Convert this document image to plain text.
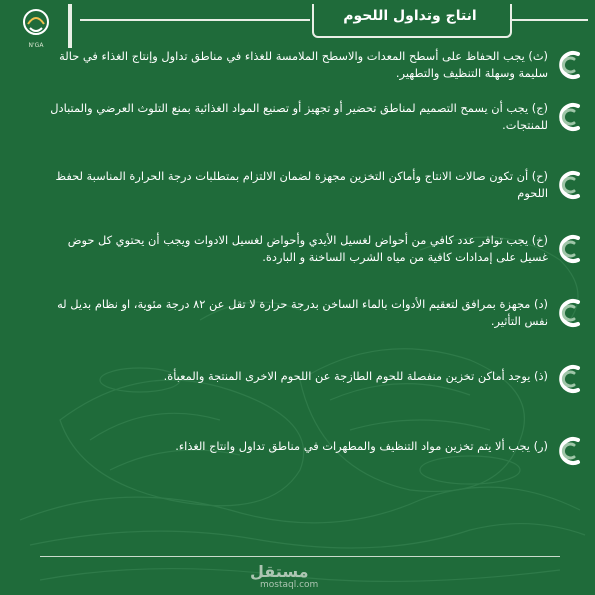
N'GA
انتاج وتداول اللحوم
(ث) يجب الحفاظ على أسطح المعدات والاسطح الملامسة للغذاء في مناطق تداول وإنتاج الغذاء في حالة سليمة وسهلة التنظيف والتطهير.
(ج) يجب أن يسمح التصميم لمناطق تحضير أو تجهيز أو تصنيع المواد الغذائية بمنع التلوث العرضي والمتبادل للمنتجات.
(ح) أن تكون صالات الانتاج وأماكن التخزين مجهزة لضمان الالتزام بمتطلبات درجة الحرارة المناسبة لحفظ اللحوم
(خ) يجب توافر عدد كافي من أحواض لغسيل الأيدي وأحواض لغسيل الادوات ويجب أن يحتوي كل حوض غسيل على إمدادات كافية من مياه الشرب الساخنة و الباردة.
(د) مجهزة بمرافق لتعقيم الأدوات بالماء الساخن بدرجة حرارة لا تقل عن ٨٢ درجة مئوية، او نظام بديل له نفس التأثير.
(ذ) يوجد أماكن تخزين منفصلة للحوم الطازجة عن اللحوم الاخرى المنتجة والمعبأة.
(ر) يجب ألا يتم تخزين مواد التنظيف والمطهرات في مناطق تداول وانتاج الغذاء.
مستقل
mostaql.com
